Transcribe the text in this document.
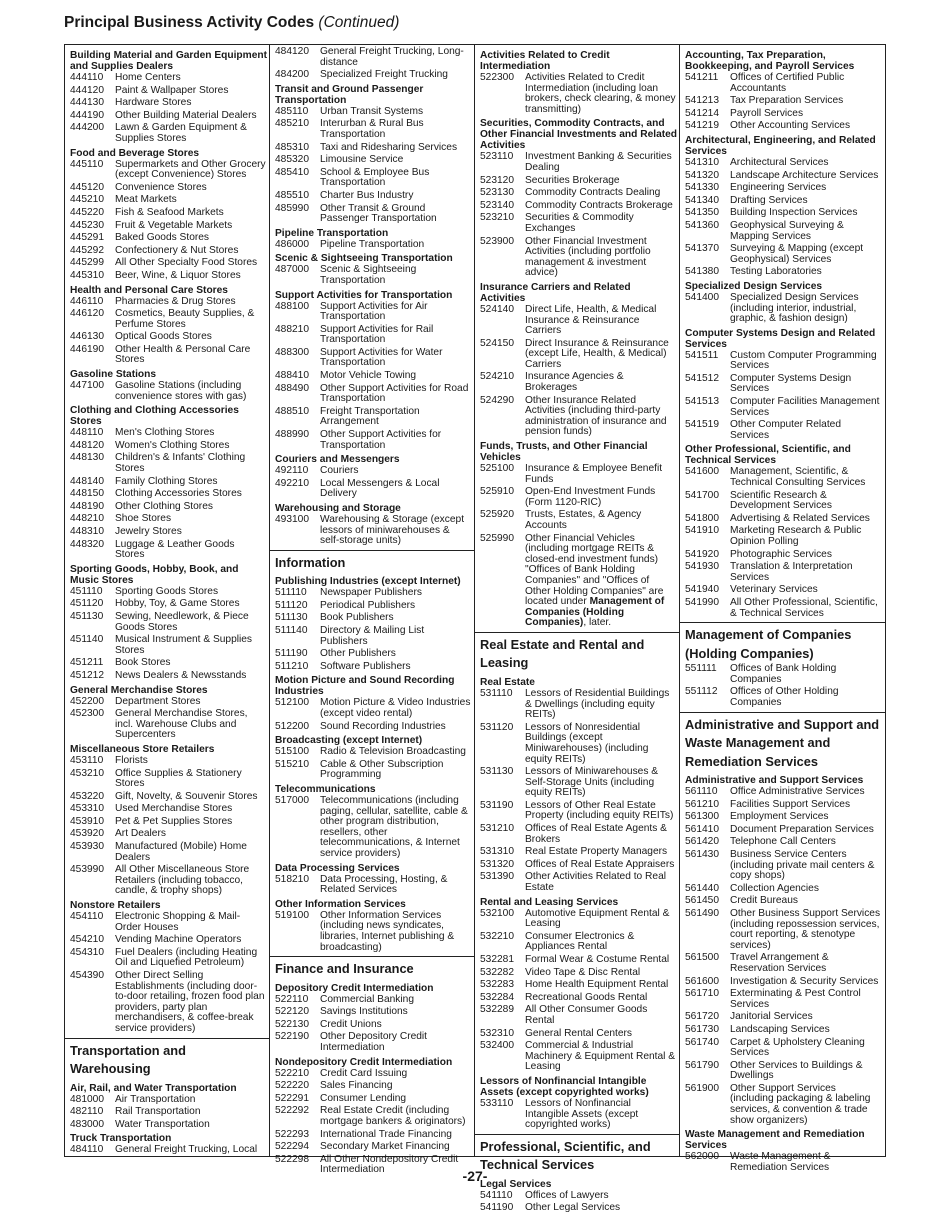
Principal Business Activity Codes (Continued)
Building Material and Garden Equipment and Supplies Dealers
444110	Home Centers
444120	Paint & Wallpaper Stores
444130	Hardware Stores
444190	Other Building Material Dealers
444200	Lawn & Garden Equipment & Supplies Stores
Food and Beverage Stores
445110	Supermarkets and Other Grocery (except Convenience) Stores
445120	Convenience Stores
445210	Meat Markets
445220	Fish & Seafood Markets
445230	Fruit & Vegetable Markets
445291	Baked Goods Stores
445292	Confectionery & Nut Stores
445299	All Other Specialty Food Stores
445310	Beer, Wine, & Liquor Stores
Health and Personal Care Stores
446110	Pharmacies & Drug Stores
446120	Cosmetics, Beauty Supplies, & Perfume Stores
446130	Optical Goods Stores
446190	Other Health & Personal Care Stores
Gasoline Stations
447100	Gasoline Stations (including convenience stores with gas)
Clothing and Clothing Accessories Stores
448110	Men's Clothing Stores
448120	Women's Clothing Stores
448130	Children's & Infants' Clothing Stores
448140	Family Clothing Stores
448150	Clothing Accessories Stores
448190	Other Clothing Stores
448210	Shoe Stores
448310	Jewelry Stores
448320	Luggage & Leather Goods Stores
Sporting Goods, Hobby, Book, and Music Stores
451110	Sporting Goods Stores
451120	Hobby, Toy, & Game Stores
451130	Sewing, Needlework, & Piece Goods Stores
451140	Musical Instrument & Supplies Stores
451211	Book Stores
451212	News Dealers & Newsstands
General Merchandise Stores
452200	Department Stores
452300	General Merchandise Stores, incl. Warehouse Clubs and Supercenters
Miscellaneous Store Retailers
453110	Florists
453210	Office Supplies & Stationery Stores
453220	Gift, Novelty, & Souvenir Stores
453310	Used Merchandise Stores
453910	Pet & Pet Supplies Stores
453920	Art Dealers
453930	Manufactured (Mobile) Home Dealers
453990	All Other Miscellaneous Store Retailers (including tobacco, candle, & trophy shops)
Nonstore Retailers
454110	Electronic Shopping & Mail-Order Houses
454210	Vending Machine Operators
454310	Fuel Dealers (including Heating Oil and Liquefied Petroleum)
454390	Other Direct Selling Establishments (including door-to-door retailing, frozen food plan providers, party plan merchandisers, & coffee-break service providers)
Transportation and Warehousing
Air, Rail, and Water Transportation
481000	Air Transportation
482110	Rail Transportation
483000	Water Transportation
Truck Transportation
484110	General Freight Trucking, Local
484120	General Freight Trucking, Long-distance
484200	Specialized Freight Trucking
Transit and Ground Passenger Transportation
485110	Urban Transit Systems
485210	Interurban & Rural Bus Transportation
485310	Taxi and Ridesharing Services
485320	Limousine Service
485410	School & Employee Bus Transportation
485510	Charter Bus Industry
485990	Other Transit & Ground Passenger Transportation
Pipeline Transportation
486000	Pipeline Transportation
Scenic & Sightseeing Transportation
487000	Scenic & Sightseeing Transportation
Support Activities for Transportation
488100	Support Activities for Air Transportation
488210	Support Activities for Rail Transportation
488300	Support Activities for Water Transportation
488410	Motor Vehicle Towing
488490	Other Support Activities for Road Transportation
488510	Freight Transportation Arrangement
488990	Other Support Activities for Transportation
Couriers and Messengers
492110	Couriers
492210	Local Messengers & Local Delivery
Warehousing and Storage
493100	Warehousing & Storage (except lessors of miniwarehouses & self-storage units)
Information
Publishing Industries (except Internet)
511110	Newspaper Publishers
511120	Periodical Publishers
511130	Book Publishers
511140	Directory & Mailing List Publishers
511190	Other Publishers
511210	Software Publishers
Motion Picture and Sound Recording Industries
512100	Motion Picture & Video Industries (except video rental)
512200	Sound Recording Industries
Broadcasting (except Internet)
515100	Radio & Television Broadcasting
515210	Cable & Other Subscription Programming
Telecommunications
517000	Telecommunications (including paging, cellular, satellite, cable & other program distribution, resellers, other telecommunications, & Internet service providers)
Data Processing Services
518210	Data Processing, Hosting, & Related Services
Other Information Services
519100	Other Information Services (including news syndicates, libraries, Internet publishing & broadcasting)
Finance and Insurance
Depository Credit Intermediation
522110	Commercial Banking
522120	Savings Institutions
522130	Credit Unions
522190	Other Depository Credit Intermediation
Nondepository Credit Intermediation
522210	Credit Card Issuing
522220	Sales Financing
522291	Consumer Lending
522292	Real Estate Credit (including mortgage bankers & originators)
522293	International Trade Financing
522294	Secondary Market Financing
522298	All Other Nondepository Credit Intermediation
Activities Related to Credit Intermediation
522300	Activities Related to Credit Intermediation (including loan brokers, check clearing, & money transmitting)
Securities, Commodity Contracts, and Other Financial Investments and Related Activities
523110	Investment Banking & Securities Dealing
523120	Securities Brokerage
523130	Commodity Contracts Dealing
523140	Commodity Contracts Brokerage
523210	Securities & Commodity Exchanges
523900	Other Financial Investment Activities (including portfolio management & investment advice)
Insurance Carriers and Related Activities
524140	Direct Life, Health, & Medical Insurance & Reinsurance Carriers
524150	Direct Insurance & Reinsurance (except Life, Health, & Medical) Carriers
524210	Insurance Agencies & Brokerages
524290	Other Insurance Related Activities (including third-party administration of insurance and pension funds)
Funds, Trusts, and Other Financial Vehicles
525100	Insurance & Employee Benefit Funds
525910	Open-End Investment Funds (Form 1120-RIC)
525920	Trusts, Estates, & Agency Accounts
525990	Other Financial Vehicles (including mortgage REITs & closed-end investment funds)
"Offices of Bank Holding Companies" and "Offices of Other Holding Companies" are located under Management of Companies (Holding Companies), later.
Real Estate and Rental and Leasing
Real Estate
531110	Lessors of Residential Buildings & Dwellings (including equity REITs)
531120	Lessors of Nonresidential Buildings (except Miniwarehouses) (including equity REITs)
531130	Lessors of Miniwarehouses & Self-Storage Units (including equity REITs)
531190	Lessors of Other Real Estate Property (including equity REITs)
531210	Offices of Real Estate Agents & Brokers
531310	Real Estate Property Managers
531320	Offices of Real Estate Appraisers
531390	Other Activities Related to Real Estate
Rental and Leasing Services
532100	Automotive Equipment Rental & Leasing
532210	Consumer Electronics & Appliances Rental
532281	Formal Wear & Costume Rental
532282	Video Tape & Disc Rental
532283	Home Health Equipment Rental
532284	Recreational Goods Rental
532289	All Other Consumer Goods Rental
532310	General Rental Centers
532400	Commercial & Industrial Machinery & Equipment Rental & Leasing
Lessors of Nonfinancial Intangible Assets (except copyrighted works)
533110	Lessors of Nonfinancial Intangible Assets (except copyrighted works)
Professional, Scientific, and Technical Services
Legal Services
541110	Offices of Lawyers
541190	Other Legal Services
Accounting, Tax Preparation, Bookkeeping, and Payroll Services
541211	Offices of Certified Public Accountants
541213	Tax Preparation Services
541214	Payroll Services
541219	Other Accounting Services
Architectural, Engineering, and Related Services
541310	Architectural Services
541320	Landscape Architecture Services
541330	Engineering Services
541340	Drafting Services
541350	Building Inspection Services
541360	Geophysical Surveying & Mapping Services
541370	Surveying & Mapping (except Geophysical) Services
541380	Testing Laboratories
Specialized Design Services
541400	Specialized Design Services (including interior, industrial, graphic, & fashion design)
Computer Systems Design and Related Services
541511	Custom Computer Programming Services
541512	Computer Systems Design Services
541513	Computer Facilities Management Services
541519	Other Computer Related Services
Other Professional, Scientific, and Technical Services
541600	Management, Scientific, & Technical Consulting Services
541700	Scientific Research & Development Services
541800	Advertising & Related Services
541910	Marketing Research & Public Opinion Polling
541920	Photographic Services
541930	Translation & Interpretation Services
541940	Veterinary Services
541990	All Other Professional, Scientific, & Technical Services
Management of Companies (Holding Companies)
551111	Offices of Bank Holding Companies
551112	Offices of Other Holding Companies
Administrative and Support and Waste Management and Remediation Services
Administrative and Support Services
561110	Office Administrative Services
561210	Facilities Support Services
561300	Employment Services
561410	Document Preparation Services
561420	Telephone Call Centers
561430	Business Service Centers (including private mail centers & copy shops)
561440	Collection Agencies
561450	Credit Bureaus
561490	Other Business Support Services (including repossession services, court reporting, & stenotype services)
561500	Travel Arrangement & Reservation Services
561600	Investigation & Security Services
561710	Exterminating & Pest Control Services
561720	Janitorial Services
561730	Landscaping Services
561740	Carpet & Upholstery Cleaning Services
561790	Other Services to Buildings & Dwellings
561900	Other Support Services (including packaging & labeling services, & convention & trade show organizers)
Waste Management and Remediation Services
562000	Waste Management & Remediation Services
-27-
